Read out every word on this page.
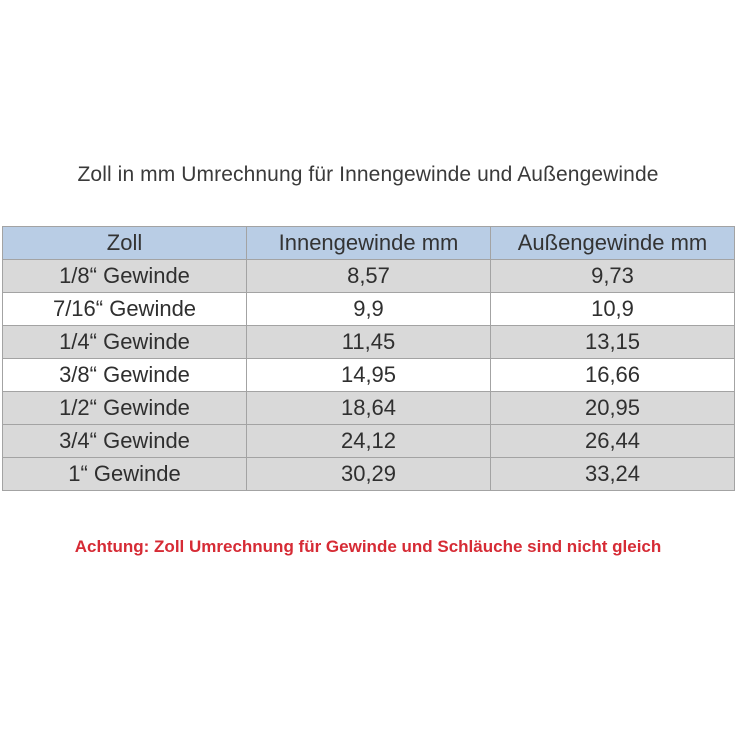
Zoll in mm Umrechnung für Innengewinde und Außengewinde
Zoll	Innengewinde mm	Außengewinde mm
1/8“ Gewinde	8,57	9,73
7/16“ Gewinde	9,9	10,9
1/4“ Gewinde	11,45	13,15
3/8“ Gewinde	14,95	16,66
1/2“ Gewinde	18,64	20,95
3/4“ Gewinde	24,12	26,44
1“ Gewinde	30,29	33,24
Achtung: Zoll Umrechnung für Gewinde und Schläuche sind nicht gleich
